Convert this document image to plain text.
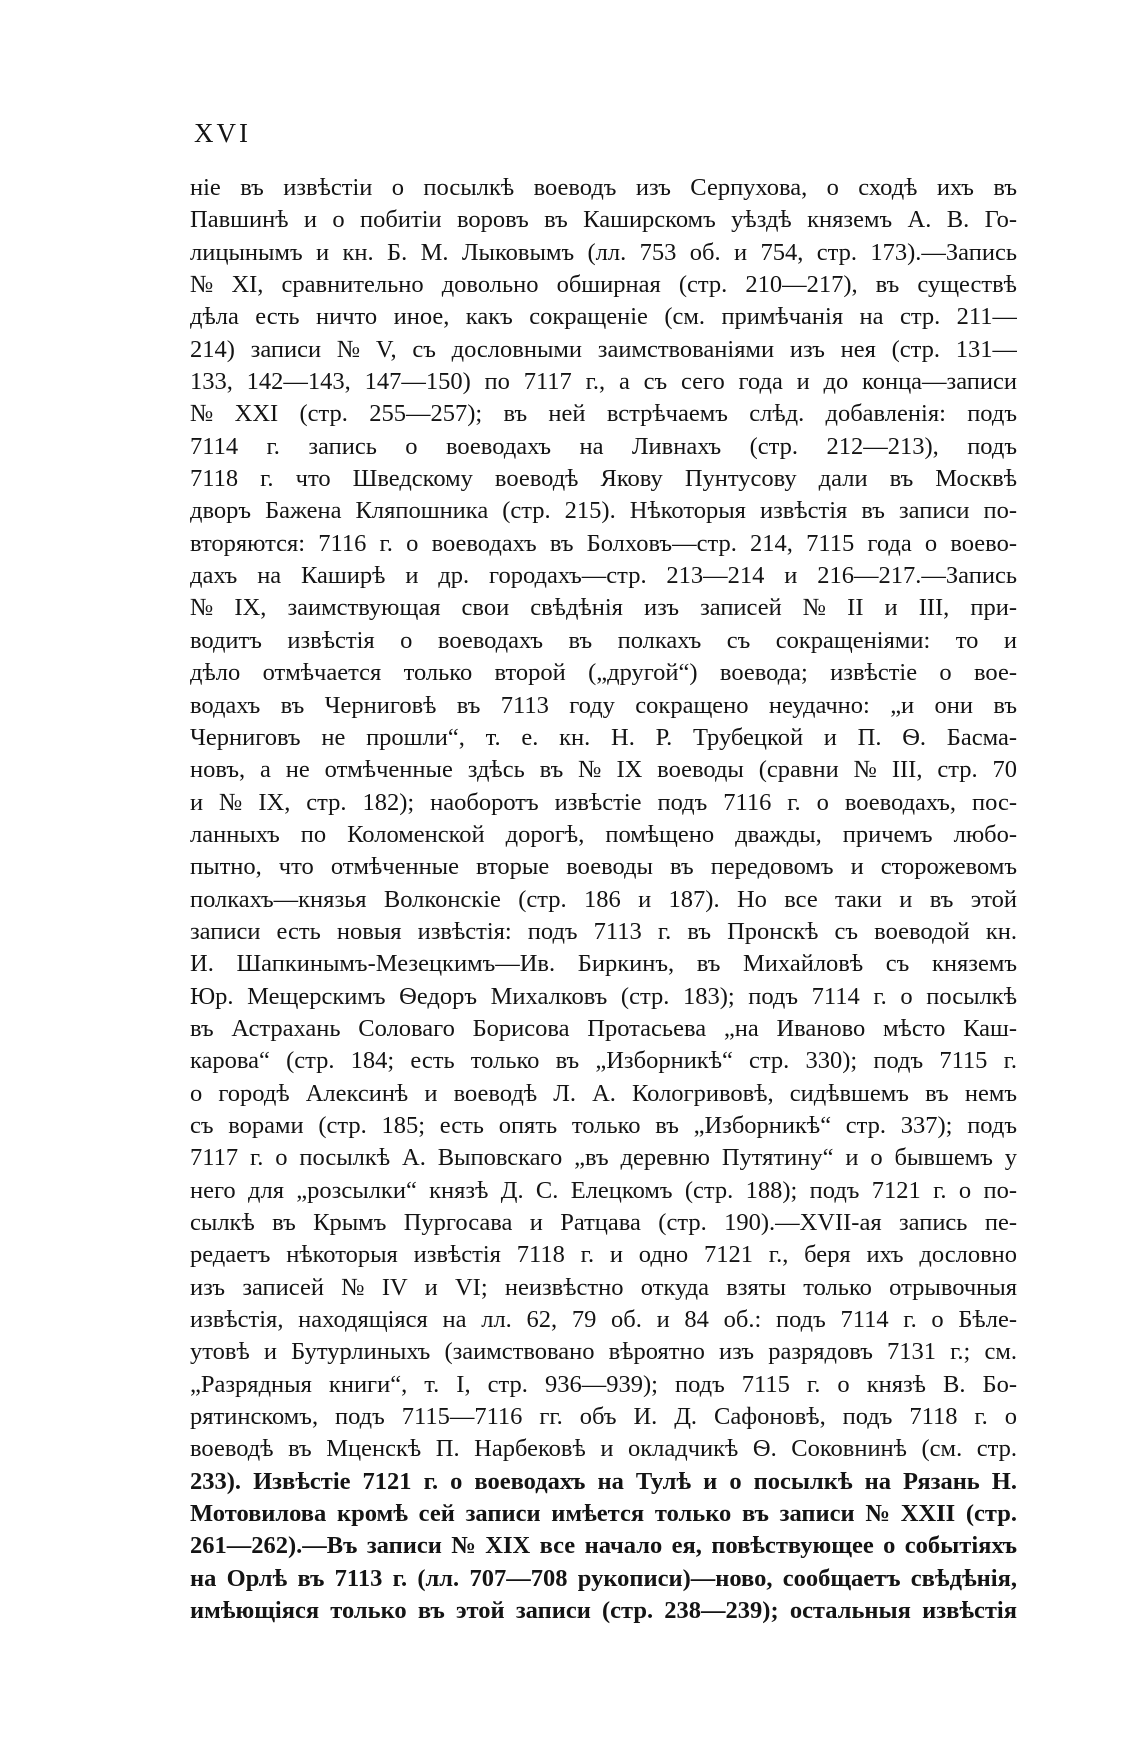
XVI
ніе въ извѣстіи о посылкѣ воеводъ изъ Серпухова, о сходѣ ихъ въ
Павшинѣ и о побитіи воровъ въ Каширскомъ уѣздѣ княземъ А. В. Го-
лицынымъ и кн. Б. М. Лыковымъ (лл. 753 об. и 754, стр. 173).—Запись
№ XI, сравнительно довольно обширная (стр. 210—217), въ существѣ
дѣла есть ничто иное, какъ сокращеніе (см. примѣчанія на стр. 211—
214) записи № V, съ дословными заимствованіями изъ нея (стр. 131—
133, 142—143, 147—150) по 7117 г., а съ сего года и до конца—записи
№ XXI (стр. 255—257); въ ней встрѣчаемъ слѣд. добавленія: подъ
7114 г. запись о воеводахъ на Ливнахъ (стр. 212—213), подъ
7118 г. что Шведскому воеводѣ Якову Пунтусову дали въ Москвѣ
дворъ Бажена Кляпошника (стр. 215). Нѣкоторыя извѣстія въ записи по-
вторяются: 7116 г. о воеводахъ въ Болховъ—стр. 214, 7115 года о воево-
дахъ на Каширѣ и др. городахъ—стр. 213—214 и 216—217.—Запись
№ IX, заимствующая свои свѣдѣнія изъ записей № II и III, при-
водитъ извѣстія о воеводахъ въ полкахъ съ сокращеніями: то и
дѣло отмѣчается только второй („другой“) воевода; извѣстіе о вое-
водахъ въ Черниговѣ въ 7113 году сокращено неудачно: „и они въ
Черниговъ не прошли“, т. е. кн. Н. Р. Трубецкой и П. Ѳ. Басма-
новъ, а не отмѣченные здѣсь въ № IX воеводы (сравни № III, стр. 70
и № IX, стр. 182); наоборотъ извѣстіе подъ 7116 г. о воеводахъ, пос-
ланныхъ по Коломенской дорогѣ, помѣщено дважды, причемъ любо-
пытно, что отмѣченные вторые воеводы въ передовомъ и сторожевомъ
полкахъ—князья Волконскіе (стр. 186 и 187). Но все таки и въ этой
записи есть новыя извѣстія: подъ 7113 г. въ Пронскѣ съ воеводой кн.
И. Шапкинымъ-Мезецкимъ—Ив. Биркинъ, въ Михайловѣ съ княземъ
Юр. Мещерскимъ Ѳедоръ Михалковъ (стр. 183); подъ 7114 г. о посылкѣ
въ Астрахань Соловаго Борисова Протасьева „на Иваново мѣсто Каш-
карова“ (стр. 184; есть только въ „Изборникѣ“ стр. 330); подъ 7115 г.
о городѣ Алексинѣ и воеводѣ Л. А. Кологривовѣ, сидѣвшемъ въ немъ
съ ворами (стр. 185; есть опять только въ „Изборникѣ“ стр. 337); подъ
7117 г. о посылкѣ А. Выповскаго „въ деревню Путятину“ и о бывшемъ у
него для „розсылки“ князѣ Д. С. Елецкомъ (стр. 188); подъ 7121 г. о по-
сылкѣ въ Крымъ Пургосава и Ратцава (стр. 190).—XVII-ая запись пе-
редаетъ нѣкоторыя извѣстія 7118 г. и одно 7121 г., беря ихъ дословно
изъ записей № IV и VI; неизвѣстно откуда взяты только отрывочныя
извѣстія, находящіяся на лл. 62, 79 об. и 84 об.: подъ 7114 г. о Бѣле-
утовѣ и Бутурлиныхъ (заимствовано вѣроятно изъ разрядовъ 7131 г.; см.
„Разрядныя книги“, т. I, стр. 936—939); подъ 7115 г. о князѣ В. Бо-
рятинскомъ, подъ 7115—7116 гг. объ И. Д. Сафоновѣ, подъ 7118 г. о
воеводѣ въ Мценскѣ П. Нарбековѣ и окладчикѣ Ѳ. Соковнинѣ (см. стр.
233). Извѣстіе 7121 г. о воеводахъ на Тулѣ и о посылкѣ на Рязань Н.
Мотовилова кромѣ сей записи имѣется только въ записи № XXII (стр.
261—262).—Въ записи № XIX все начало ея, повѣствующее о событіяхъ
на Орлѣ въ 7113 г. (лл. 707—708 рукописи)—ново, сообщаетъ свѣдѣнія,
имѣющіяся только въ этой записи (стр. 238—239); остальныя извѣстія
